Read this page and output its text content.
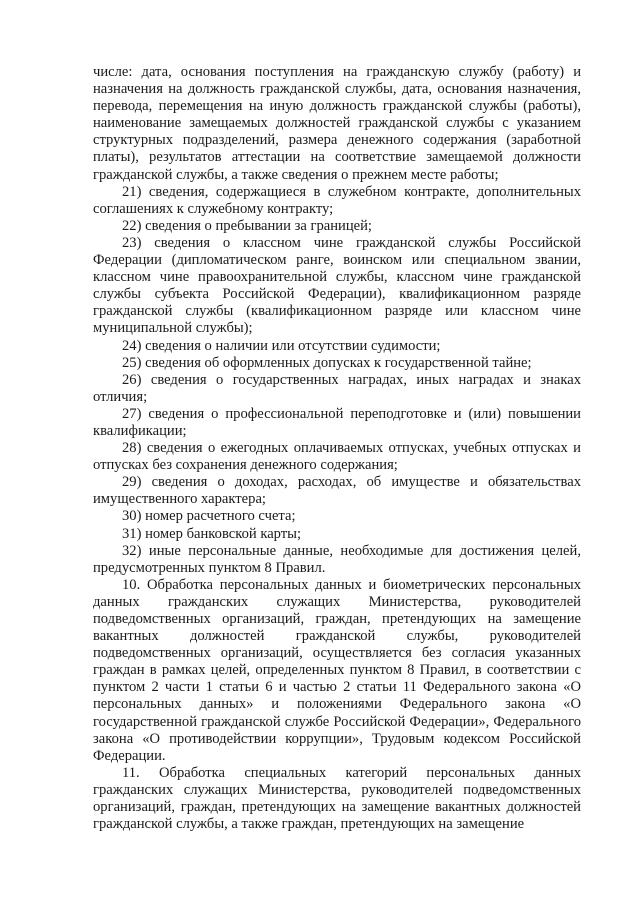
числе: дата, основания поступления на гражданскую службу (работу) и назначения на должность гражданской службы, дата, основания назначения, перевода, перемещения на иную должность гражданской службы (работы), наименование замещаемых должностей гражданской службы с указанием структурных подразделений, размера денежного содержания (заработной платы), результатов аттестации на соответствие замещаемой должности гражданской службы, а также сведения о прежнем месте работы;

21) сведения, содержащиеся в служебном контракте, дополнительных соглашениях к служебному контракту;

22) сведения о пребывании за границей;

23) сведения о классном чине гражданской службы Российской Федерации (дипломатическом ранге, воинском или специальном звании, классном чине правоохранительной службы, классном чине гражданской службы субъекта Российской Федерации), квалификационном разряде гражданской службы (квалификационном разряде или классном чине муниципальной службы);

24) сведения о наличии или отсутствии судимости;

25) сведения об оформленных допусках к государственной тайне;

26) сведения о государственных наградах, иных наградах и знаках отличия;

27) сведения о профессиональной переподготовке и (или) повышении квалификации;

28) сведения о ежегодных оплачиваемых отпусках, учебных отпусках и отпусках без сохранения денежного содержания;

29) сведения о доходах, расходах, об имуществе и обязательствах имущественного характера;

30) номер расчетного счета;

31) номер банковской карты;

32) иные персональные данные, необходимые для достижения целей, предусмотренных пунктом 8 Правил.

10. Обработка персональных данных и биометрических персональных данных гражданских служащих Министерства, руководителей подведомственных организаций, граждан, претендующих на замещение вакантных должностей гражданской службы, руководителей подведомственных организаций, осуществляется без согласия указанных граждан в рамках целей, определенных пунктом 8 Правил, в соответствии с пунктом 2 части 1 статьи 6 и частью 2 статьи 11 Федерального закона «О персональных данных» и положениями Федерального закона «О государственной гражданской службе Российской Федерации», Федерального закона «О противодействии коррупции», Трудовым кодексом Российской Федерации.

11. Обработка специальных категорий персональных данных гражданских служащих Министерства, руководителей подведомственных организаций, граждан, претендующих на замещение вакантных должностей гражданской службы, а также граждан, претендующих на замещение
